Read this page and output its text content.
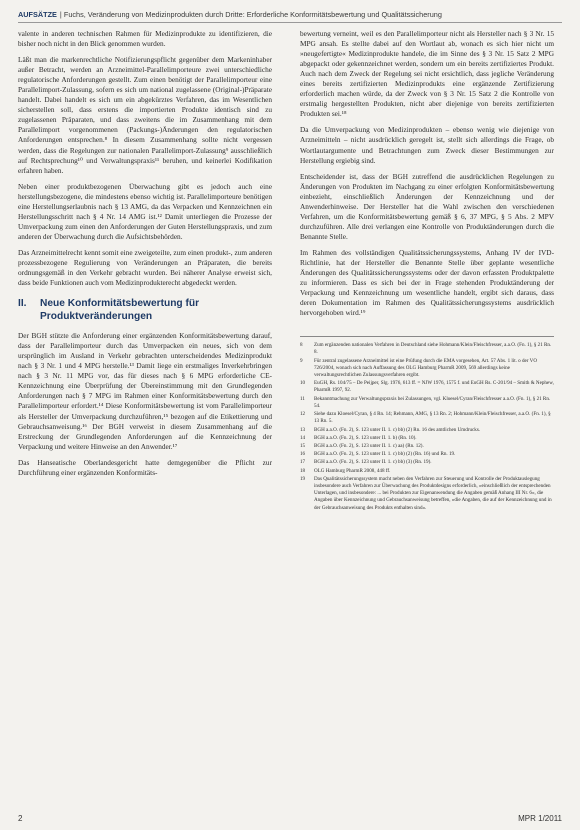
AUFSÄTZE | Fuchs, Veränderung von Medizinprodukten durch Dritte: Erforderliche Konformitätsbewertung und Qualitätssicherung

valente in anderen technischen Rahmen für Medizinprodukte zu identifizieren, die bisher noch nicht in den Blick genommen wurden.

Läßt man die markenrechtliche Notifizierungspflicht gegenüber dem Markeninhaber außer Betracht, werden an Arzneimittel-Parallelimporteure zwei unterschiedliche regulatorische Anforderungen gestellt. Zum einen benötigt der Parallelimporteur eine Parallelimport-Zulassung, sofern es sich um national zugelassene (Original-)Präparate handelt. Dabei handelt es sich um ein abgekürztes Verfahren, das im Wesentlichen sicherstellen soll, dass erstens die importierten Produkte identisch sind zu zugelassenen Präparaten, und dass zweitens die im Zusammenhang mit dem Parallelimport vorgenommenen (Packungs-)Änderungen den regulatorischen Anforderungen entsprechen.⁸ In diesem Zusammenhang sollte nicht vergessen werden, dass die Regelungen zur nationalen Parallelimport-Zulassung⁹ ausschließlich auf Rechtsprechung¹⁰ und Verwaltungspraxis¹¹ beruhen, und keinerlei Kodifikation erfahren haben.

Neben einer produktbezogenen Überwachung gibt es jedoch auch eine herstellungsbezogene, die mindestens ebenso wichtig ist. Parallelimporteure benötigen eine Herstellungserlaubnis nach § 13 AMG, da das Verpacken und Kennzeichnen ein Herstellungsschritt nach § 4 Nr. 14 AMG ist.¹² Damit unterliegen die Prozesse der Umverpackung zum einen den Anforderungen der Guten Herstellungspraxis, und zum anderen der Überwachung durch die Aufsichtsbehörden.

Das Arzneimittelrecht kennt somit eine zweigeteilte, zum einen produkt-, zum anderen prozessbezogene Regulierung von Veränderungen an Präparaten, die bereits ordnungsgemäß in den Verkehr gebracht wurden. Bei näherer Analyse erweist sich, dass beide Funktionen auch vom Medizinprodukterecht abgedeckt werden.

II.	Neue Konformitätsbewertung für Produktveränderungen

Der BGH stützte die Anforderung einer ergänzenden Konformitätsbewertung darauf, dass der Parallelimporteur durch das Umverpacken ein neues, sich von dem ursprünglich im Ausland in Verkehr gebrachten unterscheidendes Medizinprodukt nach § 3 Nr. 1 und 4 MPG herstelle.¹³ Damit liege ein erstmaliges Inverkehrbringen nach § 3 Nr. 11 MPG vor, das für dieses nach § 6 MPG erforderliche CE-Kennzeichnung eine Überprüfung der Übereinstimmung mit den Grundlegenden Anforderungen nach § 7 MPG im Rahmen einer Konformitätsbewertung durch den Parallelimporteur erfordert.¹⁴ Diese Konformitätsbewertung ist vom Parallelimporteur als Hersteller der Umverpackung durchzuführen,¹⁵ bezogen auf die Etikettierung und Gebrauchsanweisung.¹⁶ Der BGH verweist in diesem Zusammenhang auf die Erstreckung der Grundlegenden Anforderungen auf die Kennzeichnung der Verpackung und weitere Hinweise an den Anwender.¹⁷

Das Hanseatische Oberlandesgericht hatte demgegenüber die Pflicht zur Durchführung einer ergänzenden Konformitäts-

bewertung verneint, weil es den Parallelimporteur nicht als Hersteller nach § 3 Nr. 15 MPG ansah. Es stellte dabei auf den Wortlaut ab, wonach es sich hier nicht um »neugefertigte« Medizinprodukte handele, die im Sinne des § 3 Nr. 15 Satz 2 MPG abgepackt oder gekennzeichnet werden, sondern um ein bereits zertifiziertes Produkt. Auch nach dem Zweck der Regelung sei nicht ersichtlich, dass jegliche Veränderung eines bereits zertifizierten Medizinprodukts eine ergänzende Zertifizierung erforderlich machen würde, da der Zweck von § 3 Nr. 15 Satz 2 die Kontrolle von erstmalig hergestellten Produkten, nicht aber diejenige von bereits zertifizierten Produkten sei.¹⁸

Da die Umverpackung von Medizinprodukten – ebenso wenig wie diejenige von Arzneimitteln – nicht ausdrücklich geregelt ist, stellt sich allerdings die Frage, ob Wortlautargumente und Betrachtungen zum Zweck dieser Bestimmungen zur Herstellung ergiebig sind.

Entscheidender ist, dass der BGH zutreffend die ausdrücklichen Regelungen zu Änderungen von Produkten im Nachgang zu einer erfolgten Konformitätsbewertung einbezieht, einschließlich Änderungen der Kennzeichnung und der Anwenderhinweise. Der Hersteller hat die Wahl zwischen den verschiedenen Verfahren, um die Konformitätsbewertung gemäß § 6, 37 MPG, § 5 Abs. 2 MPV durchzuführen. Alle drei verlangen eine Kontrolle von Produktänderungen durch die Benannte Stelle.

Im Rahmen des vollständigen Qualitätssicherungssystems, Anhang IV der IVD-Richtlinie, hat der Hersteller die Benannte Stelle über geplante wesentliche Änderungen des Qualitätssicherungssystems oder der davon erfassten Produktpalette zu informieren. Dass es sich bei der in Frage stehenden Produktänderung der Verpackung und Kennzeichnung um wesentliche handelt, ergibt sich daraus, dass deren Dokumentation im Rahmen des Qualitätssicherungssystems ausdrücklich hervorgehoben wird.¹⁹

8	Zum ergänzenden nationalen Verfahren in Deutschland siehe Hohmann/Klein/Fleischfresser, a.a.O. (Fn. 1), § 21 Rn. 8.
9	Für zentral zugelassene Arzneimittel ist eine Prüfung durch die EMA vorgesehen, Art. 57 Abs. 1 lit. o der VO 726/2004, wonach sich nach Auffassung des OLG Hamburg PharmR 2009, 569 allerdings keine verwaltungsrechtlichen Zulassungsverfahren ergibt.
10	EuGH, Rs. 104/75 – De Peijper, Slg. 1976, 613 ff. = NJW 1976, 1575 f. und EuGH Rs. C-201/94 – Smith & Nephew, PharmR 1997, 92.
11	Bekanntmachung zur Verwaltungspraxis bei Zulassungen, vgl. Kloesel/Cyran/Fleischfresser a.a.O. (Fn. 1), § 21 Rn. 54.
12	Siehe dazu Kloesel/Cyran, § 4 Rn. 14; Rehmann, AMG, § 13 Rn. 2; Hohmann/Klein/Fleischfresser, a.a.O. (Fn. 1), § 13 Rn. 5.
13	BGH a.a.O. (Fn. 2), S. 123 unter II. 1. c) bb) (2) Rn. 16 des amtlichen Umdrucks.
14	BGH a.a.O. (Fn. 2), S. 123 unter II. 1. b) (Rn. 10).
15	BGH a.a.O. (Fn. 2), S. 123 unter II. 1. c) aa) (Rn. 12).
16	BGH a.a.O. (Fn. 2), S. 123 unter II. 1. c) bb) (2) (Rn. 16) und Rn. 19.
17	BGH a.a.O. (Fn. 2), S. 123 unter II. 1. c) bb) (3) (Rn. 19).
18	OLG Hamburg PharmR 2008, 448 ff.
19	Das Qualitätssicherungssystem macht neben den Verfahren zur Steuerung und Kontrolle der Produktauslegung insbesondere auch Verfahren zur Überwachung des Produktdesigns erforderlich, »einschließlich der entsprechenden Unterlagen, und insbesondere: ... bei Produkten zur Eigenanwendung die Angaben gemäß Anhang III Nr. 6«, die Angaben über Kennzeichnung und Gebrauchsanweisung betreffen, »die Angaben, die auf der Kennzeichnung und in der Gebrauchsanweisung des Produkts enthalten sind«.
2	MPR 1/2011
